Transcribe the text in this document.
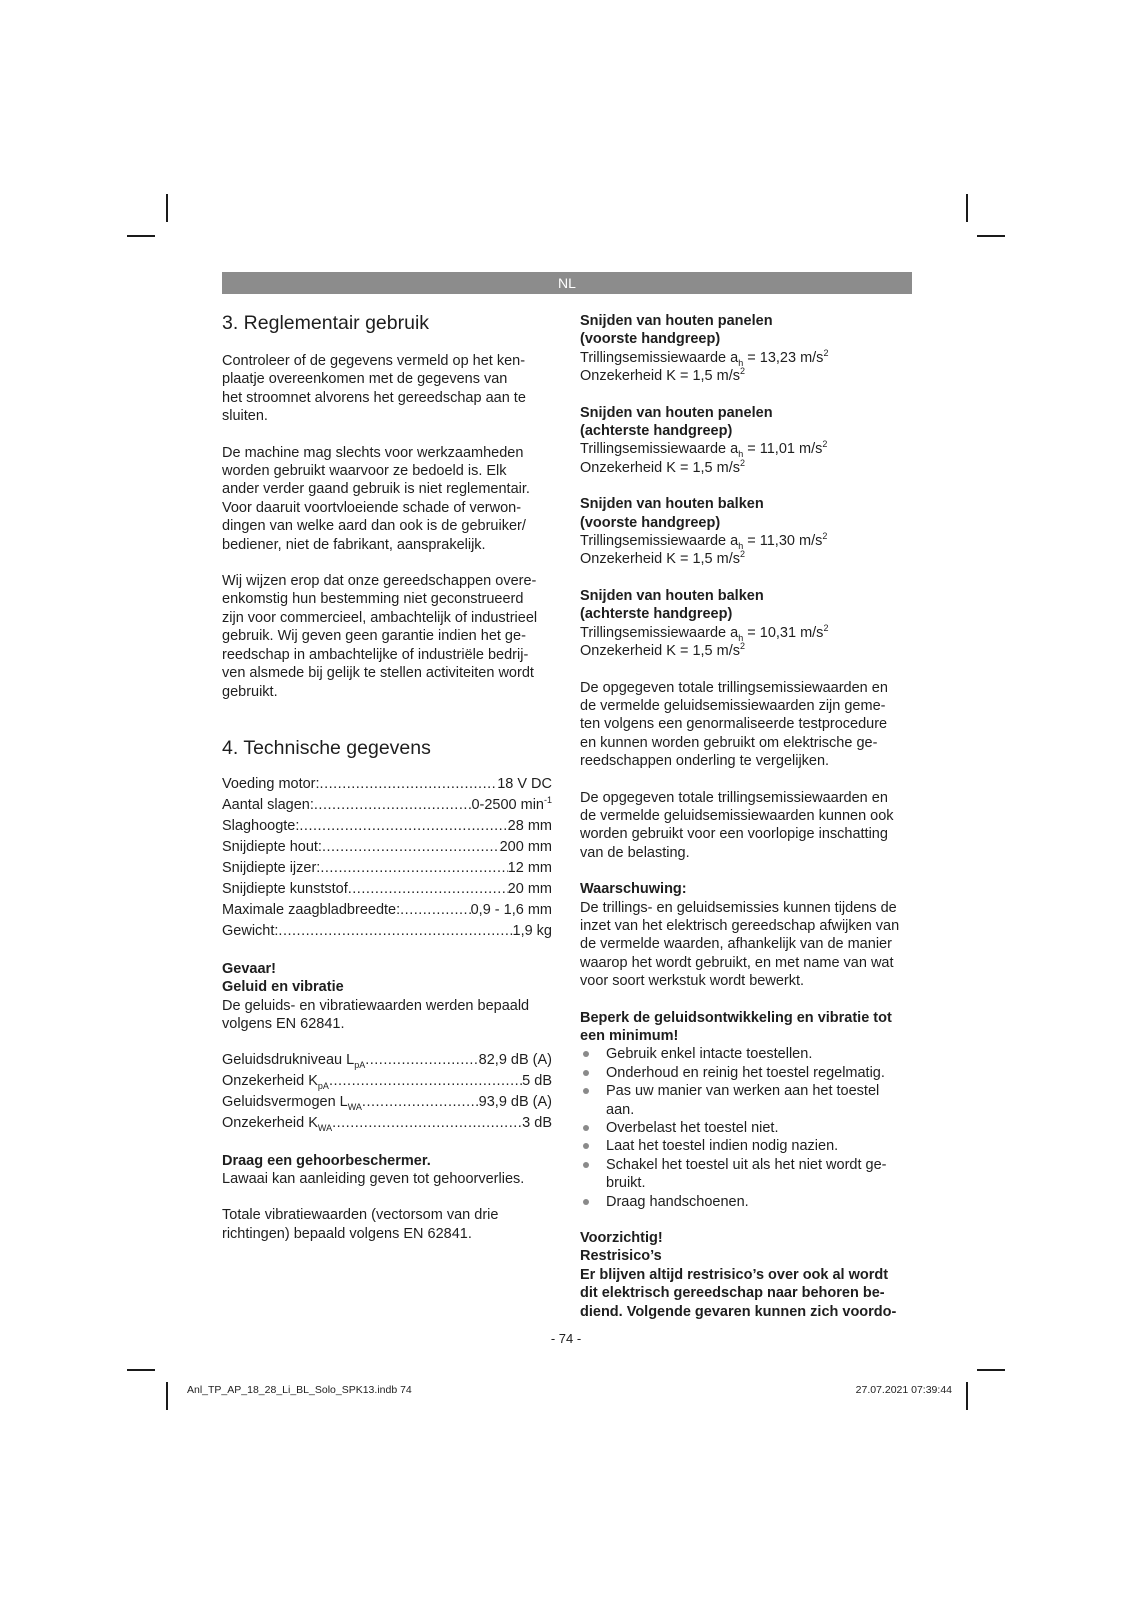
NL
3. Reglementair gebruik

Controleer of de gegevens vermeld op het ken-
plaatje overeenkomen met de gegevens van
het stroomnet alvorens het gereedschap aan te
sluiten.

De machine mag slechts voor werkzaamheden
worden gebruikt waarvoor ze bedoeld is. Elk
ander verder gaand gebruik is niet reglementair.
Voor daaruit voortvloeiende schade of verwon-
dingen van welke aard dan ook is de gebruiker/
bediener, niet de fabrikant, aansprakelijk.

Wij wijzen erop dat onze gereedschappen overe-
enkomstig hun bestemming niet geconstrueerd
zijn voor commercieel, ambachtelijk of industrieel
gebruik. Wij geven geen garantie indien het ge-
reedschap in ambachtelijke of industriële bedrij-
ven alsmede bij gelijk te stellen activiteiten wordt
gebruikt.

4. Technische gegevens
Voeding motor: .....	18 V DC
Aantal slagen: .....	0-2500 $\min^{-1}$
Slaghoogte: .....	28 mm
Snijdiepte hout: .....	200 mm
Snijdiepte ijzer: .....	12 mm
Snijdiepte kunststof .....	20 mm
Maximale zaagbladbreedte: .....	0,9 - 1,6 mm
Gewicht: .....	1,9 kg

Gevaar!

Geluid en vibratie

De geluids- en vibratiewaarden werden bepaald
volgens EN 62841.

Geluidsdrukniveau $L_{pA}$ .....	82,9 dB (A)
Onzekerheid $K_{pA}$ .....	5 dB
Geluidsvermogen $L_{WA}$ .....	93,9 dB (A)
Onzekerheid $K_{WA}$ .....	3 dB

Draag een gehoorbeschermer.

Lawaai kan aanleiding geven tot gehoorverlies.

Totale vibratiewaarden (vectorsom van drie
richtingen) bepaald volgens EN 62841.

Snijden van houten panelen

(voorste handgreep)

Trillingsemissiewaarde $a_h = 13,23$ $m/s^2$

Onzekerheid K = 1,5 $m/s^2$

Snijden van houten panelen

(achterste handgreep)

Trillingsemissiewaarde $a_h = 11,01$ $m/s^2$

Onzekerheid K = 1,5 $m/s^2$

Snijden van houten balken

(voorste handgreep)

Trillingsemissiewaarde $a_h = 11,30$ $m/s^2$

Onzekerheid K = 1,5 $m/s^2$

Snijden van houten balken

(achterste handgreep)

Trillingsemissiewaarde $a_h = 10,31$ $m/s^2$

Onzekerheid K = 1,5 $m/s^2$

De opgegeven totale trillingsemissiewaarden en
de vermelde geluidsemissiewaarden zijn geme-
ten volgens een genormaliseerde testprocedure
en kunnen worden gebruikt om elektrische ge-
reedschappen onderling te vergelijken.

De opgegeven totale trillingsemissiewaarden en
de vermelde geluidsemissiewaarden kunnen ook
worden gebruikt voor een voorlopige inschatting
van de belasting.

Waarschuwing:

De trillings- en geluidsemissies kunnen tijdens de
inzet van het elektrisch gereedschap afwijken van
de vermelde waarden, afhankelijk van de manier
waarop het wordt gebruikt, en met name van wat
voor soort werkstuk wordt bewerkt.

Beperk de geluidsontwikkeling en vibratie tot
een minimum!

Gebruik enkel intacte toestellen.
Onderhoud en reinig het toestel regelmatig.
Pas uw manier van werken aan het toestel
aan.
Overbelast het toestel niet.
Laat het toestel indien nodig nazien.
Schakel het toestel uit als het niet wordt ge-
bruikt.
Draag handschoenen.

Voorzichtig!

Restrisico’s

Er blijven altijd restrisico’s over ook al wordt
dit elektrisch gereedschap naar behoren be-
diend. Volgende gevaren kunnen zich voordo-

- 74 -
Anl_TP_AP_18_28_Li_BL_Solo_SPK13.indb 74	27.07.2021 07:39:44
